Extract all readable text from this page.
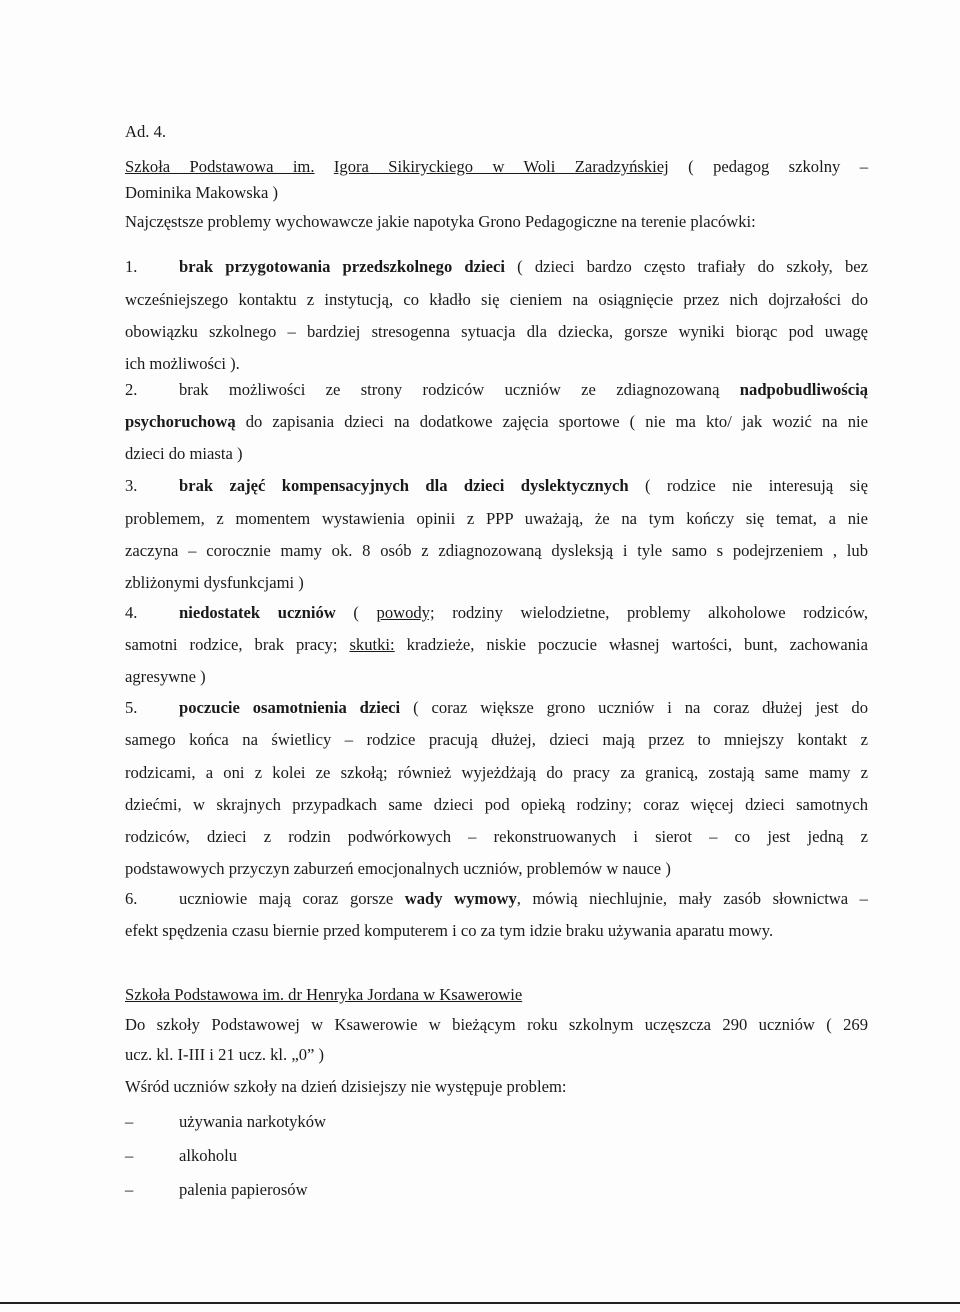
Ad. 4.
Szkoła Podstawowa im. Igora Sikiryckiego w Woli Zaradzyńskiej ( pedagog szkolny –
Dominika Makowska )
Najczęstsze problemy wychowawcze jakie napotyka Grono Pedagogiczne na terenie placówki:
1.	brak przygotowania przedszkolnego dzieci ( dzieci bardzo często trafiały do szkoły, bez
wcześniejszego kontaktu z instytucją, co kładło się cieniem na osiągnięcie przez nich dojrzałości do
obowiązku szkolnego – bardziej stresogenna sytuacja dla dziecka, gorsze wyniki biorąc pod uwagę
ich możliwości ).
2.	brak możliwości ze strony rodziców uczniów ze zdiagnozowaną nadpobudliwością
psychoruchową do zapisania dzieci na dodatkowe zajęcia sportowe ( nie ma kto/ jak wozić na nie
dzieci do miasta )
3.	brak zajęć kompensacyjnych dla dzieci dyslektycznych ( rodzice nie interesują się
problemem, z momentem wystawienia opinii z PPP uważają, że na tym kończy się temat, a nie
zaczyna – corocznie mamy ok. 8 osób z zdiagnozowaną dysleksją i tyle samo s podejrzeniem , lub
zbliżonymi dysfunkcjami )
4.	niedostatek uczniów ( powody; rodziny wielodzietne, problemy alkoholowe rodziców,
samotni rodzice, brak pracy; skutki: kradzieże, niskie poczucie własnej wartości, bunt, zachowania
agresywne )
5.	poczucie osamotnienia dzieci ( coraz większe grono uczniów i na coraz dłużej jest do
samego końca na świetlicy – rodzice pracują dłużej, dzieci mają przez to mniejszy kontakt z
rodzicami, a oni z kolei ze szkołą; również wyjeżdżają do pracy za granicą, zostają same mamy z
dziećmi, w skrajnych przypadkach same dzieci pod opieką rodziny; coraz więcej dzieci samotnych
rodziców, dzieci z rodzin podwórkowych – rekonstruowanych i sierot – co jest jedną z
podstawowych przyczyn zaburzeń emocjonalnych uczniów, problemów w nauce )
6.	uczniowie mają coraz gorsze wady wymowy, mówią niechlujnie, mały zasób słownictwa –
efekt spędzenia czasu biernie przed komputerem i co za tym idzie braku używania aparatu mowy.
Szkoła Podstawowa im. dr Henryka Jordana w Ksawerowie
Do szkoły Podstawowej w Ksawerowie w bieżącym roku szkolnym uczęszcza 290 uczniów ( 269
ucz. kl. I-III i 21 ucz. kl. „0” )
Wśród uczniów szkoły na dzień dzisiejszy nie występuje problem:
–	używania narkotyków
–	alkoholu
–	palenia papierosów
